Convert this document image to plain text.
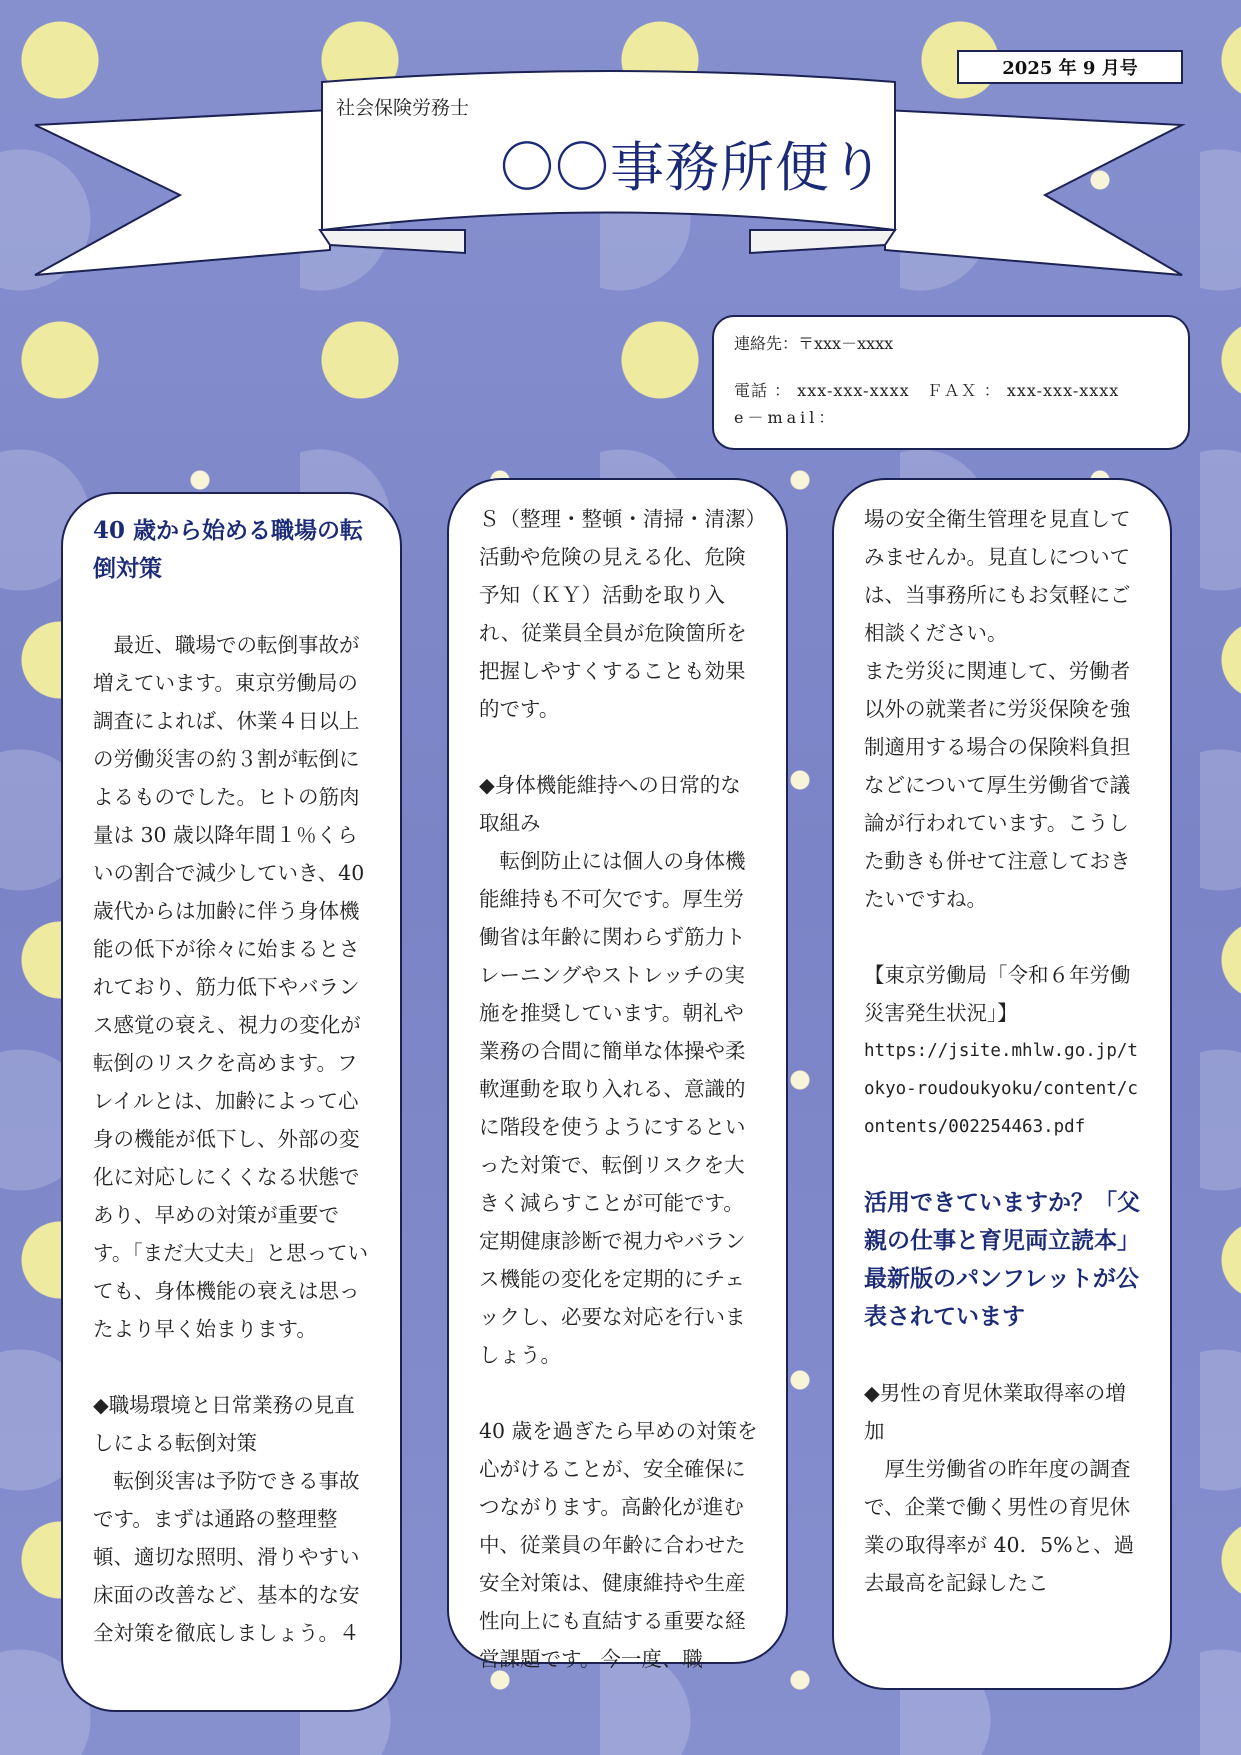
2025 年 9 月号
社会保険労務士
〇〇事務所便り
連絡先：〒xxx－xxxx
電話 ： xxx-xxx-xxxx　ＦＡＸ ： xxx-xxx-xxxx
e－mail：

40 歳から始める職場の転倒対策

最近、職場での転倒事故が増えています。東京労働局の調査によれば、休業４日以上の労働災害の約３割が転倒によるものでした。ヒトの筋肉量は 30 歳以降年間１％くらいの割合で減少していき、40 歳代からは加齢に伴う身体機能の低下が徐々に始まるとされており、筋力低下やバランス感覚の衰え、視力の変化が転倒のリスクを高めます。フレイルとは、加齢によって心身の機能が低下し、外部の変化に対応しにくくなる状態であり、早めの対策が重要です。「まだ大丈夫」と思っていても、身体機能の衰えは思ったより早く始まります。

◆職場環境と日常業務の見直しによる転倒対策

転倒災害は予防できる事故です。まずは通路の整理整頓、適切な照明、滑りやすい床面の改善など、基本的な安全対策を徹底しましょう。４

Ｓ（整理・整頓・清掃・清潔）活動や危険の見える化、危険予知（ＫＹ）活動を取り入れ、従業員全員が危険箇所を把握しやすくすることも効果的です。

◆身体機能維持への日常的な取組み

転倒防止には個人の身体機能維持も不可欠です。厚生労働省は年齢に関わらず筋力トレーニングやストレッチの実施を推奨しています。朝礼や業務の合間に簡単な体操や柔軟運動を取り入れる、意識的に階段を使うようにするといった対策で、転倒リスクを大きく減らすことが可能です。定期健康診断で視力やバランス機能の変化を定期的にチェックし、必要な対応を行いましょう。

40 歳を過ぎたら早めの対策を心がけることが、安全確保につながります。高齢化が進む中、従業員の年齢に合わせた安全対策は、健康維持や生産性向上にも直結する重要な経営課題です。今一度、職

場の安全衛生管理を見直してみませんか。見直しについては、当事務所にもお気軽にご相談ください。

また労災に関連して、労働者以外の就業者に労災保険を強制適用する場合の保険料負担などについて厚生労働省で議論が行われています。こうした動きも併せて注意しておきたいですね。

【東京労働局「令和６年労働災害発生状況」】

https://jsite.mhlw.go.jp/tokyo-roudoukyoku/content/contents/002254463.pdf

活用できていますか？「父親の仕事と育児両立読本」最新版のパンフレットが公表されています

◆男性の育児休業取得率の増加

厚生労働省の昨年度の調査で、企業で働く男性の育児休業の取得率が 40．5%と、過去最高を記録したこ
